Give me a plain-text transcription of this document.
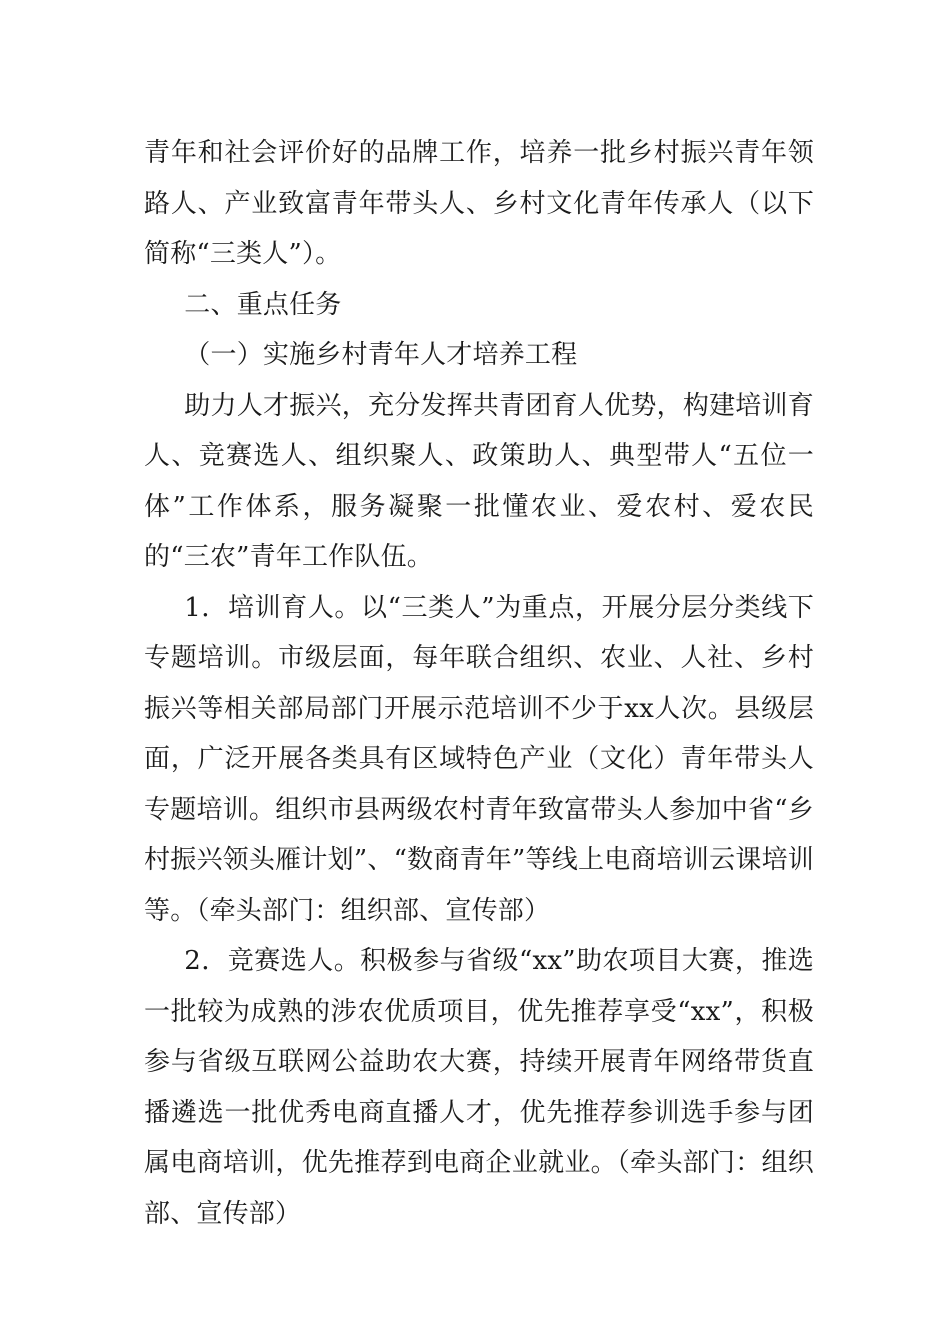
青年和社会评价好的品牌工作，培养一批乡村振兴青年领路人、产业致富青年带头人、乡村文化青年传承人（以下简称“三类人”）。

二、重点任务

（一）实施乡村青年人才培养工程

助力人才振兴，充分发挥共青团育人优势，构建培训育人、竞赛选人、组织聚人、政策助人、典型带人“五位一体”工作体系，服务凝聚一批懂农业、爱农村、爱农民的“三农”青年工作队伍。

1．培训育人。以“三类人”为重点，开展分层分类线下专题培训。市级层面，每年联合组织、农业、人社、乡村振兴等相关部局部门开展示范培训不少于xx人次。县级层面，广泛开展各类具有区域特色产业（文化）青年带头人专题培训。组织市县两级农村青年致富带头人参加中省“乡村振兴领头雁计划”、“数商青年”等线上电商培训云课培训等。（牵头部门：组织部、宣传部）

2．竞赛选人。积极参与省级“xx”助农项目大赛，推选一批较为成熟的涉农优质项目，优先推荐享受“xx”，积极参与省级互联网公益助农大赛，持续开展青年网络带货直播遴选一批优秀电商直播人才，优先推荐参训选手参与团属电商培训，优先推荐到电商企业就业。（牵头部门：组织部、宣传部）
